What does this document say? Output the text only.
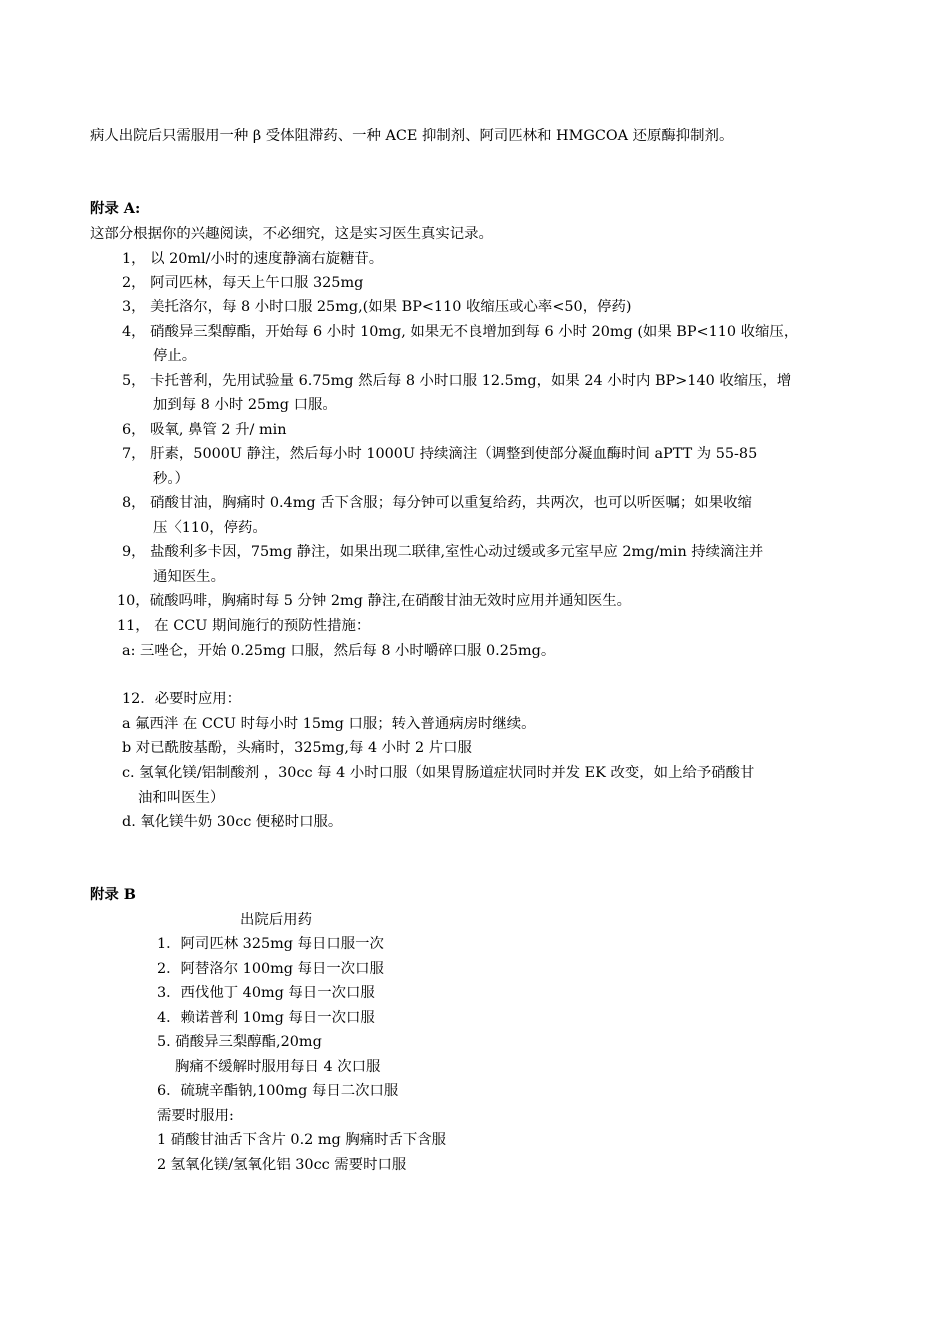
病人出院后只需服用一种 β 受体阻滞药、一种 ACE 抑制剂、阿司匹林和 HMGCOA 还原酶抑制剂。
附录 A:
这部分根据你的兴趣阅读，不必细究，这是实习医生真实记录。
1， 以 20ml/小时的速度静滴右旋糖苷。
2， 阿司匹林，每天上午口服 325mg
3， 美托洛尔，每 8 小时口服 25mg,(如果 BP<110 收缩压或心率<50，停药)
4， 硝酸异三梨醇酯，开始每 6 小时 10mg, 如果无不良增加到每 6 小时 20mg (如果 BP<110 收缩压，
停止。
5， 卡托普利，先用试验量 6.75mg 然后每 8 小时口服 12.5mg，如果 24 小时内 BP>140 收缩压，增
加到每 8 小时 25mg 口服。
6， 吸氧, 鼻管 2 升/ min
7， 肝素，5000U 静注，然后每小时 1000U 持续滴注（调整到使部分凝血酶时间 aPTT 为 55-85
秒。）
8， 硝酸甘油，胸痛时 0.4mg 舌下含服；每分钟可以重复给药，共两次，也可以听医嘱；如果收缩
压〈110，停药。
9， 盐酸利多卡因，75mg 静注，如果出现二联律,室性心动过缓或多元室早应 2mg/min 持续滴注并
通知医生。
10，硫酸吗啡，胸痛时每 5 分钟 2mg 静注,在硝酸甘油无效时应用并通知医生。
11， 在 CCU 期间施行的预防性措施：
a: 三唑仑，开始 0.25mg 口服，然后每 8 小时嚼碎口服 0.25mg。
12．必要时应用：
a 氟西泮 在 CCU 时每小时 15mg 口服；转入普通病房时继续。
b 对已酰胺基酚，头痛时，325mg,每 4 小时 2 片口服
c. 氢氧化镁/铝制酸剂 ，30cc 每 4 小时口服（如果胃肠道症状同时并发 EK 改变，如上给予硝酸甘
油和叫医生）
d. 氧化镁牛奶 30cc 便秘时口服。
附录 B
出院后用药
1．阿司匹林 325mg 每日口服一次
2．阿替洛尔 100mg 每日一次口服
3．西伐他丁 40mg 每日一次口服
4．赖诺普利 10mg 每日一次口服
5. 硝酸异三梨醇酯,20mg
胸痛不缓解时服用每日 4 次口服
6．硫琥辛酯钠,100mg 每日二次口服
需要时服用:
1 硝酸甘油舌下含片 0.2 mg 胸痛时舌下含服
2 氢氧化镁/氢氧化铝 30cc 需要时口服
